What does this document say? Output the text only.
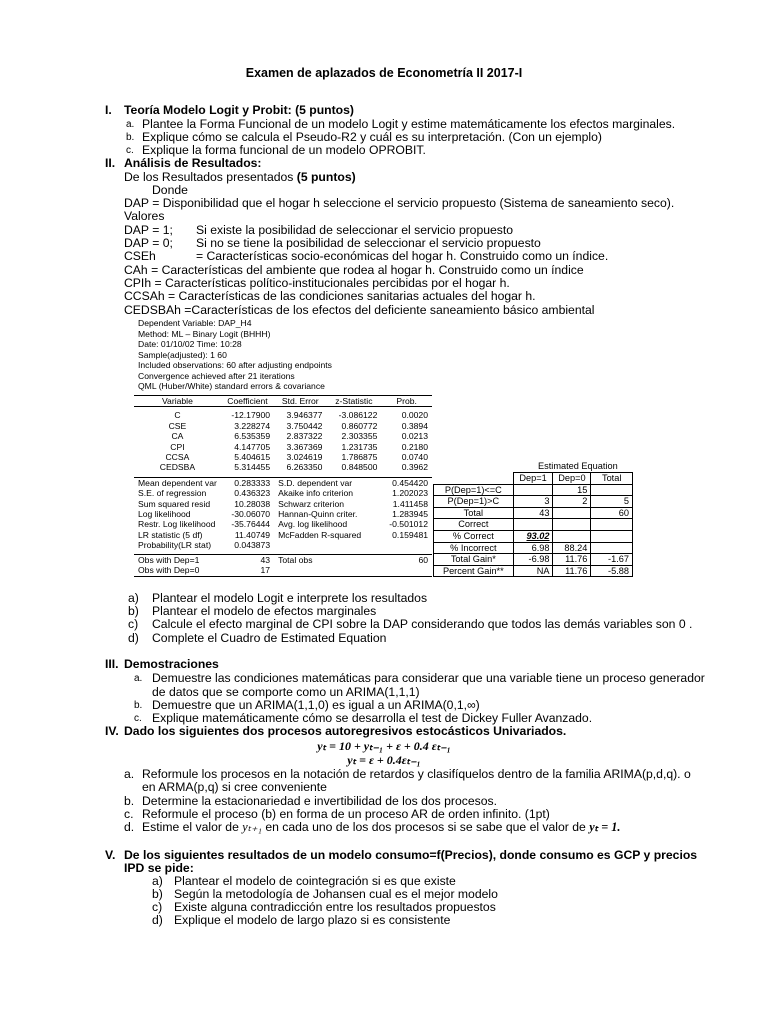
Examen de aplazados de Econometría II 2017-I
I. Teoría Modelo Logit y Probit: (5 puntos)
a. Plantee la Forma Funcional de un modelo Logit y estime matemáticamente los efectos marginales.
b. Explique cómo se calcula el Pseudo-R2 y cuál es su interpretación. (Con un ejemplo)
c. Explique la forma funcional de un modelo OPROBIT.
II. Análisis de Resultados:
De los Resultados presentados (5 puntos)
Donde
DAP = Disponibilidad que el hogar h seleccione el servicio propuesto (Sistema de saneamiento seco).
Valores
DAP = 1; Si existe la posibilidad de seleccionar el servicio propuesto
DAP = 0; Si no se tiene la posibilidad de seleccionar el servicio propuesto
CSEh	= Características socio-económicas del hogar h. Construido como un índice.
CAh = Características del ambiente que rodea al hogar h. Construido como un índice
CPIh = Características político-institucionales percibidas por el hogar h.
CCSAh = Características de las condiciones sanitarias actuales del hogar h.
CEDSBAh =Características de los efectos del deficiente saneamiento básico ambiental
Dependent Variable: DAP_H4
Method: ML – Binary Logit (BHHH)
Date: 01/10/02 Time: 10:28
Sample(adjusted): 1 60
Included observations: 60 after adjusting endpoints
Convergence achieved after 21 iterations
QML (Huber/White) standard errors & covariance
Variable	Coefficient	Std. Error	z-Statistic	Prob.

C	-12.17900	3.946377	-3.086122	0.0020
CSE	3.228274	3.750442	0.860772	0.3894
CA	6.535359	2.837322	2.303355	0.0213
CPI	4.147705	3.367369	1.231735	0.2180
CCSA	5.404615	3.024619	1.786875	0.0740
CEDSBA	5.314455	6.263350	0.848500	0.3962

Mean dependent var	0.283333	S.D. dependent var		0.454420
S.E. of regression	0.436323	Akaike info criterion		1.202023
Sum squared resid	10.28038	Schwarz criterion		1.411458
Log likelihood	-30.06070	Hannan-Quinn criter.		1.283945
Restr. Log likelihood	-35.76444	Avg. log likelihood		-0.501012
LR statistic (5 df)	11.40749	McFadden R-squared		0.159481
Probability(LR stat)	0.043873			

Obs with Dep=1	43	Total obs		60
Obs with Dep=0	17			
Estimated Equation
	Dep=1	Dep=0	Total
P(Dep=1)<=C		15	
P(Dep=1)>C	3	2	5
Total	43		60
Correct			
% Correct	93.02		
% Incorrect	6.98	88.24	
Total Gain*	-6.98	11.76	-1.67
Percent Gain**	NA	11.76	-5.88
a) Plantear el modelo Logit e interprete los resultados
b) Plantear el modelo de efectos marginales
c) Calcule el efecto marginal de CPI sobre la DAP considerando que todos las demás variables son 0 .
d) Complete el Cuadro de Estimated Equation
III. Demostraciones
a. Demuestre las condiciones matemáticas para considerar que una variable tiene un proceso generador
de datos que se comporte como un ARIMA(1,1,1)
b. Demuestre que un ARIMA(1,1,0) es igual a un ARIMA(0,1,∞)
c. Explique matemáticamente cómo se desarrolla el test de Dickey Fuller Avanzado.
IV. Dado los siguientes dos procesos autoregresivos estocásticos Univariados.
yₜ = 10 + yₜ₋₁ + ε + 0.4 εₜ₋₁
yₜ = ε + 0.4εₜ₋₁
a. Reformule los procesos en la notación de retardos y clasifíquelos dentro de la familia ARIMA(p,d,q). o
en ARMA(p,q) si cree conveniente
b. Determine la estacionariedad e invertibilidad de los dos procesos.
c. Reformule el proceso (b) en forma de un proceso AR de orden infinito. (1pt)
d. Estime el valor de yₜ₊₁ en cada uno de los dos procesos si se sabe que el valor de yₜ = 1.
V. De los siguientes resultados de un modelo consumo=f(Precios), donde consumo es GCP y precios
IPD se pide:
a) Plantear el modelo de cointegración si es que existe
b) Según la metodología de Johansen cual es el mejor modelo
c) Existe alguna contradicción entre los resultados propuestos
d) Explique el modelo de largo plazo si es consistente
